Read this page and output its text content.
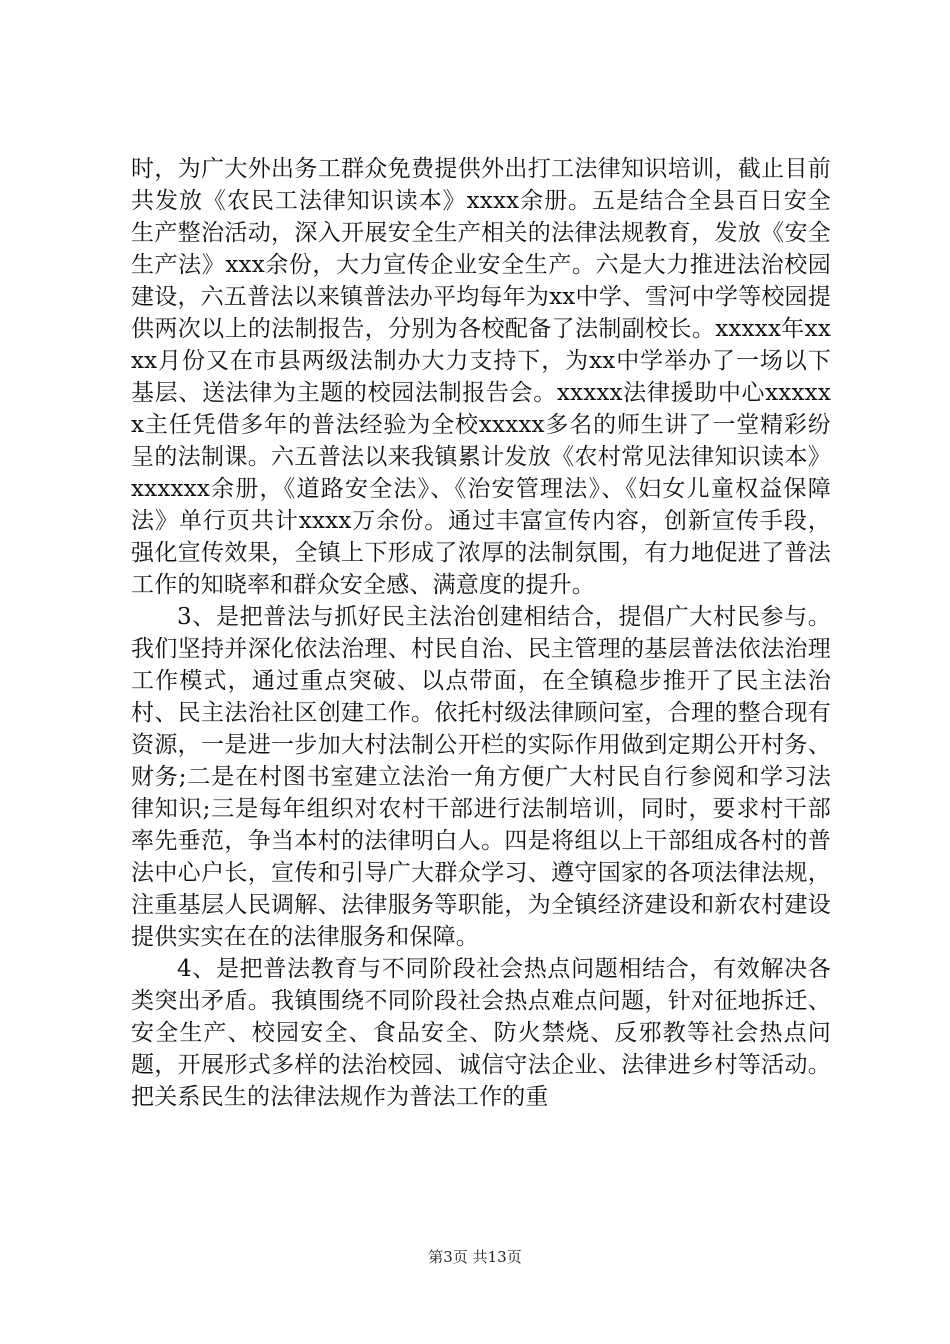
时，为广大外出务工群众免费提供外出打工法律知识培训，截止目前共发放《农民工法律知识读本》xxxx余册。五是结合全县百日安全生产整治活动，深入开展安全生产相关的法律法规教育，发放《安全生产法》xxx余份，大力宣传企业安全生产。六是大力推进法治校园建设，六五普法以来镇普法办平均每年为xx中学、雪河中学等校园提供两次以上的法制报告，分别为各校配备了法制副校长。xxxxx年xxxx月份又在市县两级法制办大力支持下，为xx中学举办了一场以下基层、送法律为主题的校园法制报告会。xxxxx法律援助中心xxxxxx主任凭借多年的普法经验为全校xxxxx多名的师生讲了一堂精彩纷呈的法制课。六五普法以来我镇累计发放《农村常见法律知识读本》xxxxxx余册，《道路安全法》、《治安管理法》、《妇女儿童权益保障法》单行页共计xxxx万余份。通过丰富宣传内容，创新宣传手段，强化宣传效果，全镇上下形成了浓厚的法制氛围，有力地促进了普法工作的知晓率和群众安全感、满意度的提升。

3、是把普法与抓好民主法治创建相结合，提倡广大村民参与。我们坚持并深化依法治理、村民自治、民主管理的基层普法依法治理工作模式，通过重点突破、以点带面，在全镇稳步推开了民主法治村、民主法治社区创建工作。依托村级法律顾问室，合理的整合现有资源，一是进一步加大村法制公开栏的实际作用做到定期公开村务、财务;二是在村图书室建立法治一角方便广大村民自行参阅和学习法律知识;三是每年组织对农村干部进行法制培训，同时，要求村干部率先垂范，争当本村的法律明白人。四是将组以上干部组成各村的普法中心户长，宣传和引导广大群众学习、遵守国家的各项法律法规，注重基层人民调解、法律服务等职能，为全镇经济建设和新农村建设提供实实在在的法律服务和保障。

4、是把普法教育与不同阶段社会热点问题相结合，有效解决各类突出矛盾。我镇围绕不同阶段社会热点难点问题，针对征地拆迁、安全生产、校园安全、食品安全、防火禁烧、反邪教等社会热点问题，开展形式多样的法治校园、诚信守法企业、法律进乡村等活动。把关系民生的法律法规作为普法工作的重

第3页 共13页
